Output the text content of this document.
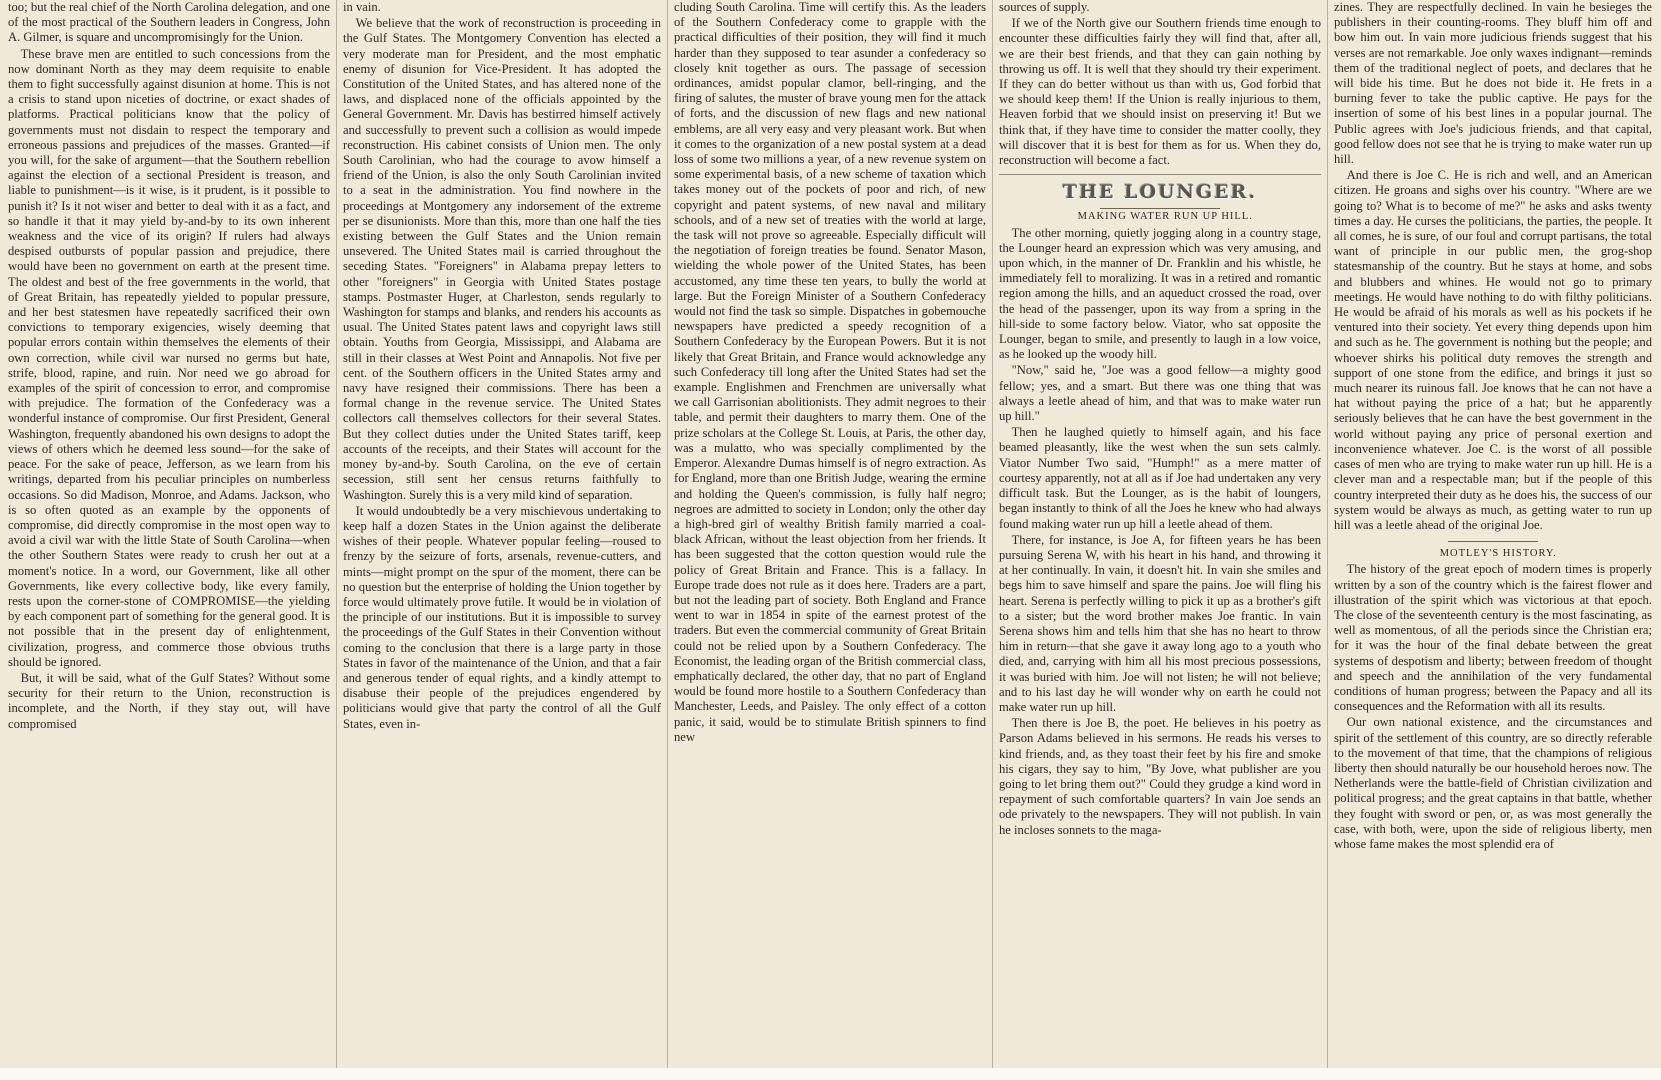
too; but the real chief of the North Carolina delegation, and one of the most practical of the Southern leaders in Congress, John A. Gilmer, is square and uncompromisingly for the Union.

These brave men are entitled to such concessions from the now dominant North as they may deem requisite to enable them to fight successfully against disunion at home. This is not a crisis to stand upon niceties of doctrine, or exact shades of platforms. Practical politicians know that the policy of governments must not disdain to respect the temporary and erroneous passions and prejudices of the masses. Granted—if you will, for the sake of argument—that the Southern rebellion against the election of a sectional President is treason, and liable to punishment—is it wise, is it prudent, is it possible to punish it? Is it not wiser and better to deal with it as a fact, and so handle it that it may yield by-and-by to its own inherent weakness and the vice of its origin? If rulers had always despised outbursts of popular passion and prejudice, there would have been no government on earth at the present time. The oldest and best of the free governments in the world, that of Great Britain, has repeatedly yielded to popular pressure, and her best statesmen have repeatedly sacrificed their own convictions to temporary exigencies, wisely deeming that popular errors contain within themselves the elements of their own correction, while civil war nursed no germs but hate, strife, blood, rapine, and ruin. Nor need we go abroad for examples of the spirit of concession to error, and compromise with prejudice. The formation of the Confederacy was a wonderful instance of compromise. Our first President, General Washington, frequently abandoned his own designs to adopt the views of others which he deemed less sound—for the sake of peace. For the sake of peace, Jefferson, as we learn from his writings, departed from his peculiar principles on numberless occasions. So did Madison, Monroe, and Adams. Jackson, who is so often quoted as an example by the opponents of compromise, did directly compromise in the most open way to avoid a civil war with the little State of South Carolina—when the other Southern States were ready to crush her out at a moment's notice. In a word, our Government, like all other Governments, like every collective body, like every family, rests upon the corner-stone of COMPROMISE—the yielding by each component part of something for the general good. It is not possible that in the present day of enlightenment, civilization, progress, and commerce those obvious truths should be ignored.

But, it will be said, what of the Gulf States? Without some security for their return to the Union, reconstruction is incomplete, and the North, if they stay out, will have compromised

in vain.

We believe that the work of reconstruction is proceeding in the Gulf States. The Montgomery Convention has elected a very moderate man for President, and the most emphatic enemy of disunion for Vice-President. It has adopted the Constitution of the United States, and has altered none of the laws, and displaced none of the officials appointed by the General Government. Mr. Davis has bestirred himself actively and successfully to prevent such a collision as would impede reconstruction. His cabinet consists of Union men. The only South Carolinian, who had the courage to avow himself a friend of the Union, is also the only South Carolinian invited to a seat in the administration. You find nowhere in the proceedings at Montgomery any indorsement of the extreme per se disunionists. More than this, more than one half the ties existing between the Gulf States and the Union remain unsevered. The United States mail is carried throughout the seceding States. "Foreigners" in Alabama prepay letters to other "foreigners" in Georgia with United States postage stamps. Postmaster Huger, at Charleston, sends regularly to Washington for stamps and blanks, and renders his accounts as usual. The United States patent laws and copyright laws still obtain. Youths from Georgia, Mississippi, and Alabama are still in their classes at West Point and Annapolis. Not five per cent. of the Southern officers in the United States army and navy have resigned their commissions. There has been a formal change in the revenue service. The United States collectors call themselves collectors for their several States. But they collect duties under the United States tariff, keep accounts of the receipts, and their States will account for the money by-and-by. South Carolina, on the eve of certain secession, still sent her census returns faithfully to Washington. Surely this is a very mild kind of separation.

It would undoubtedly be a very mischievous undertaking to keep half a dozen States in the Union against the deliberate wishes of their people. Whatever popular feeling—roused to frenzy by the seizure of forts, arsenals, revenue-cutters, and mints—might prompt on the spur of the moment, there can be no question but the enterprise of holding the Union together by force would ultimately prove futile. It would be in violation of the principle of our institutions. But it is impossible to survey the proceedings of the Gulf States in their Convention without coming to the conclusion that there is a large party in those States in favor of the maintenance of the Union, and that a fair and generous tender of equal rights, and a kindly attempt to disabuse their people of the prejudices engendered by politicians would give that party the control of all the Gulf States, even in-

cluding South Carolina. Time will certify this. As the leaders of the Southern Confederacy come to grapple with the practical difficulties of their position, they will find it much harder than they supposed to tear asunder a confederacy so closely knit together as ours. The passage of secession ordinances, amidst popular clamor, bell-ringing, and the firing of salutes, the muster of brave young men for the attack of forts, and the discussion of new flags and new national emblems, are all very easy and very pleasant work. But when it comes to the organization of a new postal system at a dead loss of some two millions a year, of a new revenue system on some experimental basis, of a new scheme of taxation which takes money out of the pockets of poor and rich, of new copyright and patent systems, of new naval and military schools, and of a new set of treaties with the world at large, the task will not prove so agreeable. Especially difficult will the negotiation of foreign treaties be found. Senator Mason, wielding the whole power of the United States, has been accustomed, any time these ten years, to bully the world at large. But the Foreign Minister of a Southern Confederacy would not find the task so simple. Dispatches in gobemouche newspapers have predicted a speedy recognition of a Southern Confederacy by the European Powers. But it is not likely that Great Britain, and France would acknowledge any such Confederacy till long after the United States had set the example. Englishmen and Frenchmen are universally what we call Garrisonian abolitionists. They admit negroes to their table, and permit their daughters to marry them. One of the prize scholars at the College St. Louis, at Paris, the other day, was a mulatto, who was specially complimented by the Emperor. Alexandre Dumas himself is of negro extraction. As for England, more than one British Judge, wearing the ermine and holding the Queen's commission, is fully half negro; negroes are admitted to society in London; only the other day a high-bred girl of wealthy British family married a coal-black African, without the least objection from her friends. It has been suggested that the cotton question would rule the policy of Great Britain and France. This is a fallacy. In Europe trade does not rule as it does here. Traders are a part, but not the leading part of society. Both England and France went to war in 1854 in spite of the earnest protest of the traders. But even the commercial community of Great Britain could not be relied upon by a Southern Confederacy. The Economist, the leading organ of the British commercial class, emphatically declared, the other day, that no part of England would be found more hostile to a Southern Confederacy than Manchester, Leeds, and Paisley. The only effect of a cotton panic, it said, would be to stimulate British spinners to find new

sources of supply.

If we of the North give our Southern friends time enough to encounter these difficulties fairly they will find that, after all, we are their best friends, and that they can gain nothing by throwing us off. It is well that they should try their experiment. If they can do better without us than with us, God forbid that we should keep them! If the Union is really injurious to them, Heaven forbid that we should insist on preserving it! But we think that, if they have time to consider the matter coolly, they will discover that it is best for them as for us. When they do, reconstruction will become a fact.

THE LOUNGER.

MAKING WATER RUN UP HILL.

The other morning, quietly jogging along in a country stage, the Lounger heard an expression which was very amusing, and upon which, in the manner of Dr. Franklin and his whistle, he immediately fell to moralizing. It was in a retired and romantic region among the hills, and an aqueduct crossed the road, over the head of the passenger, upon its way from a spring in the hill-side to some factory below. Viator, who sat opposite the Lounger, began to smile, and presently to laugh in a low voice, as he looked up the woody hill.

"Now," said he, "Joe was a good fellow—a mighty good fellow; yes, and a smart. But there was one thing that was always a leetle ahead of him, and that was to make water run up hill."

Then he laughed quietly to himself again, and his face beamed pleasantly, like the west when the sun sets calmly. Viator Number Two said, "Humph!" as a mere matter of courtesy apparently, not at all as if Joe had undertaken any very difficult task. But the Lounger, as is the habit of loungers, began instantly to think of all the Joes he knew who had always found making water run up hill a leetle ahead of them.

There, for instance, is Joe A, for fifteen years he has been pursuing Serena W, with his heart in his hand, and throwing it at her continually. In vain, it doesn't hit. In vain she smiles and begs him to save himself and spare the pains. Joe will fling his heart. Serena is perfectly willing to pick it up as a brother's gift to a sister; but the word brother makes Joe frantic. In vain Serena shows him and tells him that she has no heart to throw him in return—that she gave it away long ago to a youth who died, and, carrying with him all his most precious possessions, it was buried with him. Joe will not listen; he will not believe; and to his last day he will wonder why on earth he could not make water run up hill.

Then there is Joe B, the poet. He believes in his poetry as Parson Adams believed in his sermons. He reads his verses to kind friends, and, as they toast their feet by his fire and smoke his cigars, they say to him, "By Jove, what publisher are you going to let bring them out?" Could they grudge a kind word in repayment of such comfortable quarters? In vain Joe sends an ode privately to the newspapers. They will not publish. In vain he incloses sonnets to the maga-

zines. They are respectfully declined. In vain he besieges the publishers in their counting-rooms. They bluff him off and bow him out. In vain more judicious friends suggest that his verses are not remarkable. Joe only waxes indignant—reminds them of the traditional neglect of poets, and declares that he will bide his time. But he does not bide it. He frets in a burning fever to take the public captive. He pays for the insertion of some of his best lines in a popular journal. The Public agrees with Joe's judicious friends, and that capital, good fellow does not see that he is trying to make water run up hill.

And there is Joe C. He is rich and well, and an American citizen. He groans and sighs over his country. "Where are we going to? What is to become of me?" he asks and asks twenty times a day. He curses the politicians, the parties, the people. It all comes, he is sure, of our foul and corrupt partisans, the total want of principle in our public men, the grog-shop statesmanship of the country. But he stays at home, and sobs and blubbers and whines. He would not go to primary meetings. He would have nothing to do with filthy politicians. He would be afraid of his morals as well as his pockets if he ventured into their society. Yet every thing depends upon him and such as he. The government is nothing but the people; and whoever shirks his political duty removes the strength and support of one stone from the edifice, and brings it just so much nearer its ruinous fall. Joe knows that he can not have a hat without paying the price of a hat; but he apparently seriously believes that he can have the best government in the world without paying any price of personal exertion and inconvenience whatever. Joe C. is the worst of all possible cases of men who are trying to make water run up hill. He is a clever man and a respectable man; but if the people of this country interpreted their duty as he does his, the success of our system would be always as much, as getting water to run up hill was a leetle ahead of the original Joe.

MOTLEY'S HISTORY.

The history of the great epoch of modern times is properly written by a son of the country which is the fairest flower and illustration of the spirit which was victorious at that epoch. The close of the seventeenth century is the most fascinating, as well as momentous, of all the periods since the Christian era; for it was the hour of the final debate between the great systems of despotism and liberty; between freedom of thought and speech and the annihilation of the very fundamental conditions of human progress; between the Papacy and all its consequences and the Reformation with all its results.

Our own national existence, and the circumstances and spirit of the settlement of this country, are so directly referable to the movement of that time, that the champions of religious liberty then should naturally be our household heroes now. The Netherlands were the battle-field of Christian civilization and political progress; and the great captains in that battle, whether they fought with sword or pen, or, as was most generally the case, with both, were, upon the side of religious liberty, men whose fame makes the most splendid era of
